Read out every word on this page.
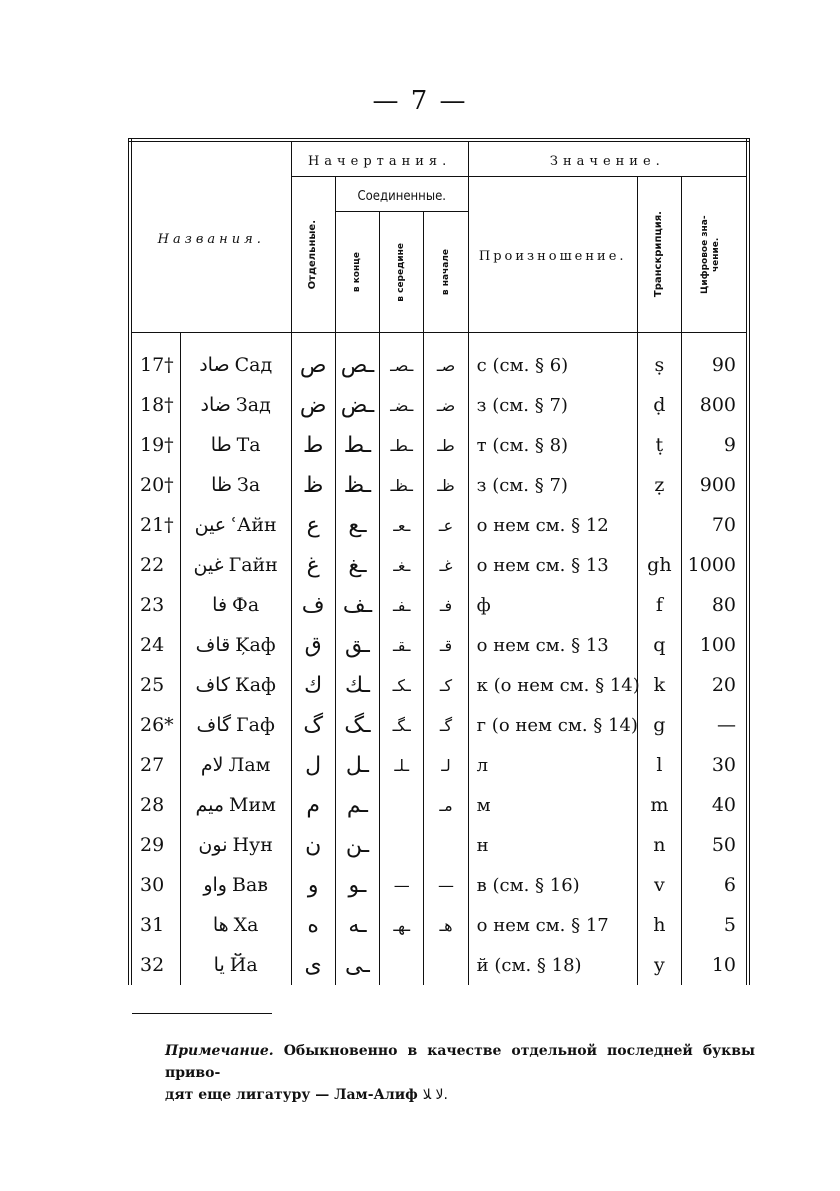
— 7 —
Названия.		Начертания.				Значение.		

		Отдельные.	Соединенные.			Произношение.	Транскрипция.	Цифровое зна-чение.

			в конце	в середине	в начале			

17†	صاد Сад	ص	ـص	ـصـ	صـ	с (см. § 6)	ṣ	90
18†	ضاد Зад	ض	ـض	ـضـ	ضـ	з (см. § 7)	ḍ	800
19†	طا Та	ط	ـط	ـطـ	طـ	т (см. § 8)	ṭ	9
20†	ظا За	ظ	ـظ	ـظـ	ظـ	з (см. § 7)	ẓ	900
21†	عين ʿАйн	ع	ـع	ـعـ	عـ	о нем см. § 12		70
22	غين Гайн	غ	ـغ	ـغـ	غـ	о нем см. § 13	gh	1000
23	فا Фа	ف	ـف	ـفـ	فـ	ф	f	80
24	قاف Ķаф	ق	ـق	ـقـ	قـ	о нем см. § 13	q	100
25	كاف Каф	ك	ـك	ـكـ	كـ	к (о нем см. § 14)	k	20
26*	گاف Гаф	گ	ـگ	ـگـ	گـ	г (о нем см. § 14)	g	—
27	لام Лам	ل	ـل	ـلـ	لـ	л	l	30
28	ميم Мим	م	ـم		مـ	м	m	40
29	نون Нун	ن	ـن			н	n	50
30	واو Вав	و	ـو	—	—	в (см. § 16)	v	6
31	ها Ха	ه	ـه	ـهـ	هـ	о нем см. § 17	h	5
32	يا Йа	ى	ـى			й (см. § 18)	y	10

Примечание. Обыкновенно в качестве отдельной последней буквы приво-
дят еще лигатуру — Лам-Алиф ﻻ ﻼ.
